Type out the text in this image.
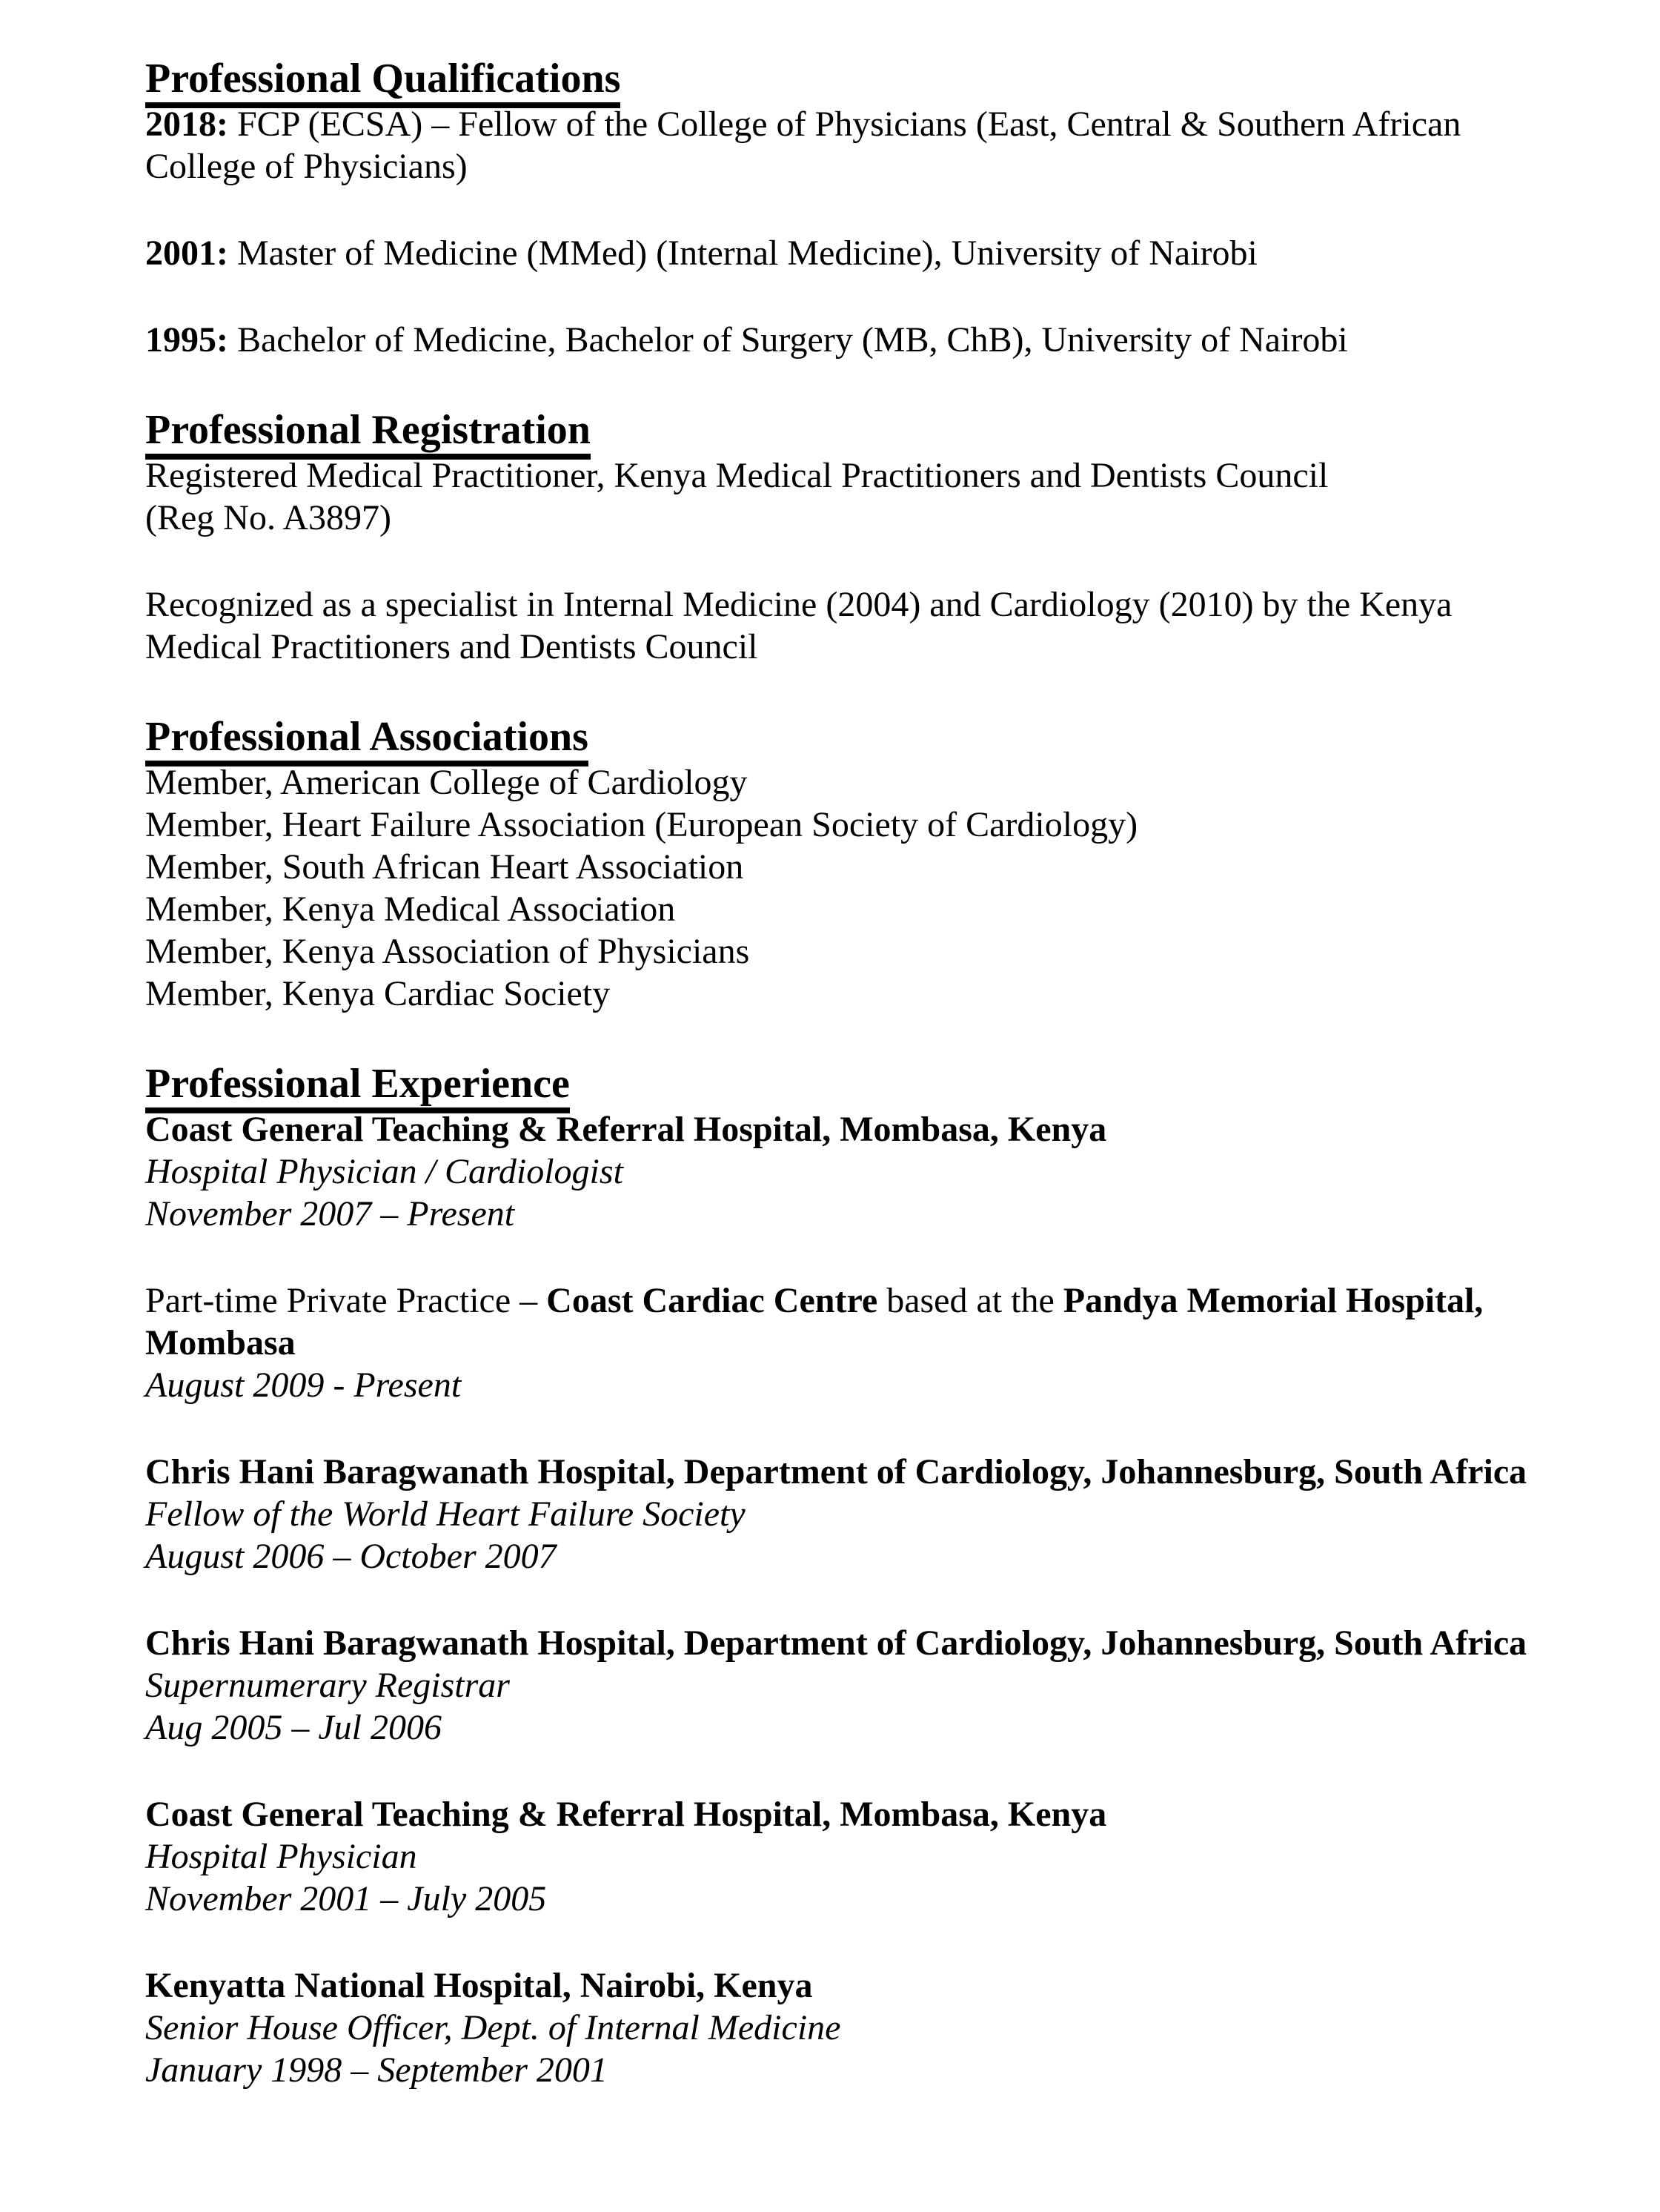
Professional Qualifications

2018: FCP (ECSA) – Fellow of the College of Physicians (East, Central & Southern African College of Physicians)

2001: Master of Medicine (MMed) (Internal Medicine), University of Nairobi

1995: Bachelor of Medicine, Bachelor of Surgery (MB, ChB), University of Nairobi

Professional Registration
Registered Medical Practitioner, Kenya Medical Practitioners and Dentists Council
(Reg No. A3897)

Recognized as a specialist in Internal Medicine (2004) and Cardiology (2010) by the Kenya Medical Practitioners and Dentists Council

Professional Associations
Member, American College of Cardiology
Member, Heart Failure Association (European Society of Cardiology)
Member, South African Heart Association
Member, Kenya Medical Association
Member, Kenya Association of Physicians
Member, Kenya Cardiac Society
Professional Experience
Coast General Teaching & Referral Hospital, Mombasa, Kenya
Hospital Physician / Cardiologist
November 2007 – Present

Part-time Private Practice – Coast Cardiac Centre based at the Pandya Memorial Hospital, Mombasa

August 2009 - Present
Chris Hani Baragwanath Hospital, Department of Cardiology, Johannesburg, South Africa
Fellow of the World Heart Failure Society
August 2006 – October 2007
Chris Hani Baragwanath Hospital, Department of Cardiology, Johannesburg, South Africa
Supernumerary Registrar
Aug 2005 – Jul 2006
Coast General Teaching & Referral Hospital, Mombasa, Kenya
Hospital Physician
November 2001 – July 2005
Kenyatta National Hospital, Nairobi, Kenya
Senior House Officer, Dept. of Internal Medicine
January 1998 – September 2001
